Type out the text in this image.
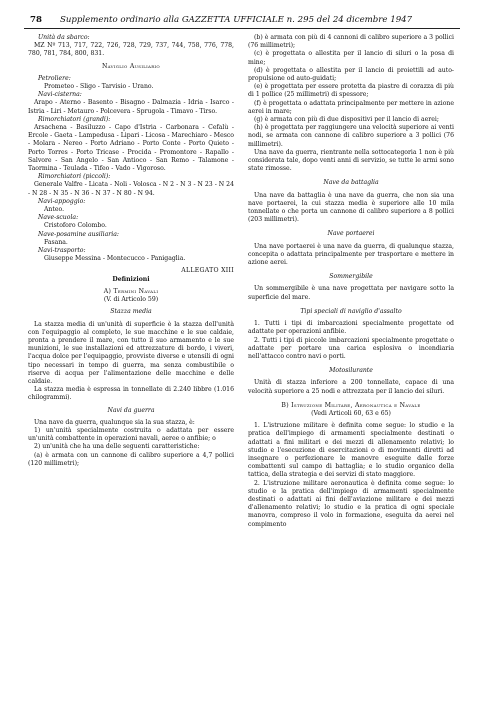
78 Supplemento ordinario alla GAZZETTA UFFICIALE n. 295 del 24 dicembre 1947

Unità da sbarco:

MZ Nº 713, 717, 722, 726, 728, 729, 737, 744, 758, 776, 778, 780, 781, 784, 800, 831.

Naviglio Ausiliario

Petroliere:

Prometeo - Sligo - Tarvisio - Urano.

Navi-cisterna:

Arapo - Aterno - Basento - Bisagno - Dalmazia - Idria - Isarco - Istria - Liri - Metauro - Polcevera - Sprugola - Timavo - Tirso.

Rimorchiatori (grandi):

Arsachena - Basiluzzo - Capo d'Istria - Carbonara - Cefalù - Ercole - Gaeta - Lampedusa - Lipari - Licosa - Marechiaro - Mesco - Molara - Nereo - Porto Adriano - Porto Conte - Porto Quieto - Porto Torres - Porto Tricase - Procida - Promontore - Rapallo - Salvore - San Angelo - San Antioco - San Remo - Talamone - Taormina - Teulada - Tifeo - Vado - Vigoroso.

Rimorchiatori (piccoli):

Generale Valfre - Licata - Noli - Volosca - N 2 - N 3 - N 23 - N 24 - N 28 - N 35 - N 36 - N 37 - N 80 - N 94.

Navi-appoggio:

Anteo.

Nave-scuola:

Cristoforo Colombo.

Nave-posamine ausiliaria:

Fasana.

Navi-trasporto:

Giuseppe Messina - Montecucco - Panigaglia.

ALLEGATO XIII

Definizioni

A) Termini Navali

(V. di Articolo 59)

Stazza media

La stazza media di un'unità di superficie è la stazza dell'unità con l'equipaggio al completo, le sue macchine e le sue caldaie, pronta a prendere il mare, con tutto il suo armamento e le sue munizioni, le sue installazioni ed attrezzature di bordo, i viveri, l'acqua dolce per l'equipaggio, provviste diverse e utensili di ogni tipo necessari in tempo di guerra, ma senza combustibile o riserve di acqua per l'alimentazione delle macchine e delle caldaie.

La stazza media è espressa in tonnellate di 2.240 libbre (1.016 chilogrammi).

Navi da guerra

Una nave da guerra, qualunque sia la sua stazza, è:

1) un'unità specialmente costruita o adattata per essere un'unità combattente in operazioni navali, aeree o anfibie; o

2) un'unità che ha una delle seguenti caratteristiche:

(a) è armata con un cannone di calibro superiore a 4,7 pollici (120 millimetri);

(b) è armata con più di 4 cannoni di calibro superiore a 3 pollici (76 millimetri);

(c) è progettata o allestita per il lancio di siluri o la posa di mine;

(d) è progettata o allestita per il lancio di proiettili ad auto-propulsione od auto-guidati;

(e) è progettata per essere protetta da piastre di corazza di più di 1 pollice (25 millimetri) di spessore;

(f) è progettata o adattata principalmente per mettere in azione aerei in mare;

(g) è armata con più di due dispositivi per il lancio di aerei;

(h) è progettata per raggiungere una velocità superiore ai venti nodi, se armata con cannone di calibro superiore a 3 pollici (76 millimetri).

Una nave da guerra, rientrante nella sottocategoria 1 non è più considerata tale, dopo venti anni di servizio, se tutte le armi sono state rimosse.

Nave da battaglia

Una nave da battaglia è una nave da guerra, che non sia una nave portaerei, la cui stazza media è superiore alle 10 mila tonnellate o che porta un cannone di calibro superiore a 8 pollici (203 millimetri).

Nave portaerei

Una nave portaerei è una nave da guerra, di qualunque stazza, concepita o adattata principalmente per trasportare e mettere in azione aerei.

Sommergibile

Un sommergibile è una nave progettata per navigare sotto la superficie del mare.

Tipi speciali di naviglio d'assalto

1. Tutti i tipi di imbarcazioni specialmente progettate od adattate per operazioni anfibie.

2. Tutti i tipi di piccole imbarcazioni specialmente progettate o adattate per portare una carica esplosiva o incendiaria nell'attacco contro navi o porti.

Motosilurante

Unità di stazza inferiore a 200 tonnellate, capace di una velocità superiore a 25 nodi e attrezzata per il lancio dei siluri.

B) Istruzione Militare, Aeronautica e Navale

(Vedi Articoli 60, 63 e 65)

1. L'istruzione militare è definita come segue: lo studio e la pratica dell'impiego di armamenti specialmente destinati o adattati a fini militari e dei mezzi di allenamento relativi; lo studio e l'esecuzione di esercitazioni o di movimenti diretti ad insegnare o perfezionare le manovre eseguite dalle forze combattenti sul campo di battaglia; e lo studio organico della tattica, della strategia e dei servizi di stato maggiore.

2. L'istruzione militare aeronautica è definita come segue: lo studio e la pratica dell'impiego di armamenti specialmente destinati o adattati ai fini dell'aviazione militare e dei mezzi d'allenamento relativi; lo studio e la pratica di ogni speciale manovra, compreso il volo in formazione, eseguita da aerei nel compimento
